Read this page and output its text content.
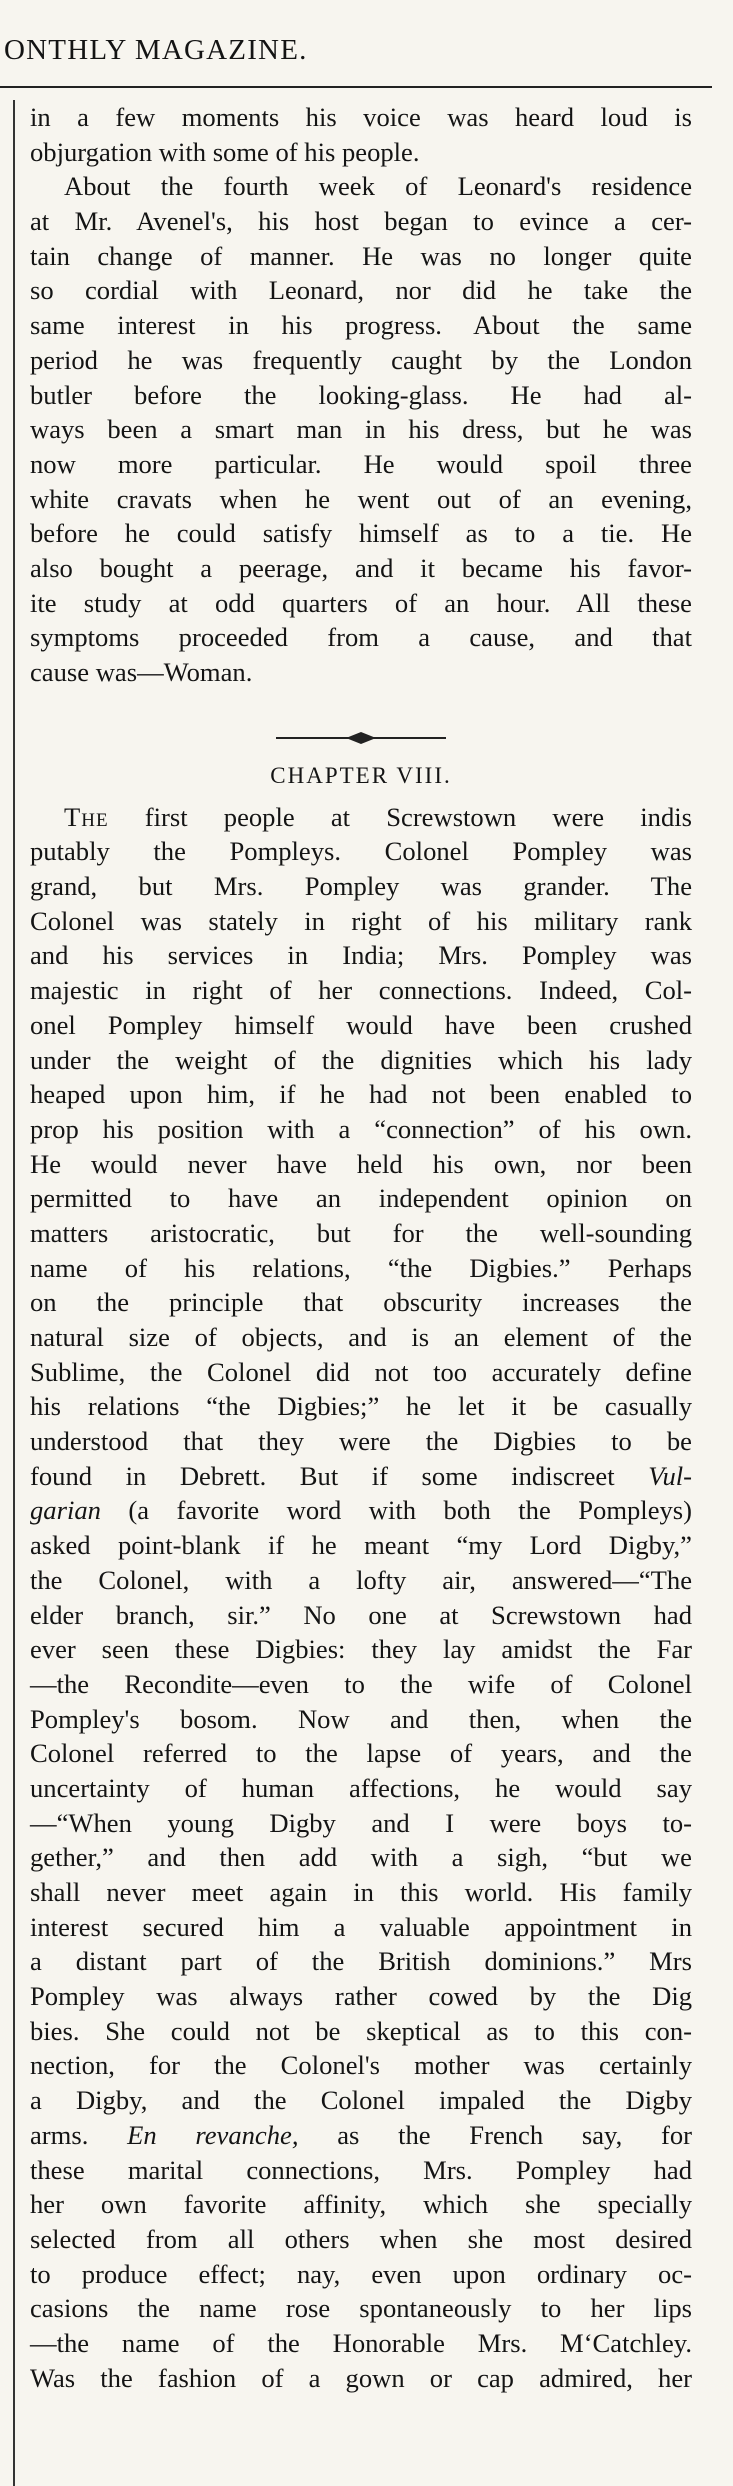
ONTHLY MAGAZINE.
in a few moments his voice was heard loud is
objurgation with some of his people.
About the fourth week of Leonard's residence
at Mr. Avenel's, his host began to evince a cer-
tain change of manner. He was no longer quite
so cordial with Leonard, nor did he take the
same interest in his progress. About the same
period he was frequently caught by the London
butler before the looking-glass. He had al-
ways been a smart man in his dress, but he was
now more particular. He would spoil three
white cravats when he went out of an evening,
before he could satisfy himself as to a tie. He
also bought a peerage, and it became his favor-
ite study at odd quarters of an hour. All these
symptoms proceeded from a cause, and that
cause was—Woman.
CHAPTER VIII.
The first people at Screwstown were indis
putably the Pompleys. Colonel Pompley was
grand, but Mrs. Pompley was grander. The
Colonel was stately in right of his military rank
and his services in India; Mrs. Pompley was
majestic in right of her connections. Indeed, Col-
onel Pompley himself would have been crushed
under the weight of the dignities which his lady
heaped upon him, if he had not been enabled to
prop his position with a “connection” of his own.
He would never have held his own, nor been
permitted to have an independent opinion on
matters aristocratic, but for the well-sounding
name of his relations, “the Digbies.” Perhaps
on the principle that obscurity increases the
natural size of objects, and is an element of the
Sublime, the Colonel did not too accurately define
his relations “the Digbies;” he let it be casually
understood that they were the Digbies to be
found in Debrett. But if some indiscreet Vul-
garian (a favorite word with both the Pompleys)
asked point-blank if he meant “my Lord Digby,”
the Colonel, with a lofty air, answered—“The
elder branch, sir.” No one at Screwstown had
ever seen these Digbies: they lay amidst the Far
—the Recondite—even to the wife of Colonel
Pompley's bosom. Now and then, when the
Colonel referred to the lapse of years, and the
uncertainty of human affections, he would say
—“When young Digby and I were boys to-
gether,” and then add with a sigh, “but we
shall never meet again in this world. His family
interest secured him a valuable appointment in
a distant part of the British dominions.” Mrs
Pompley was always rather cowed by the Dig
bies. She could not be skeptical as to this con-
nection, for the Colonel's mother was certainly
a Digby, and the Colonel impaled the Digby
arms. En revanche, as the French say, for
these marital connections, Mrs. Pompley had
her own favorite affinity, which she specially
selected from all others when she most desired
to produce effect; nay, even upon ordinary oc-
casions the name rose spontaneously to her lips
—the name of the Honorable Mrs. M‘Catchley.
Was the fashion of a gown or cap admired, her
